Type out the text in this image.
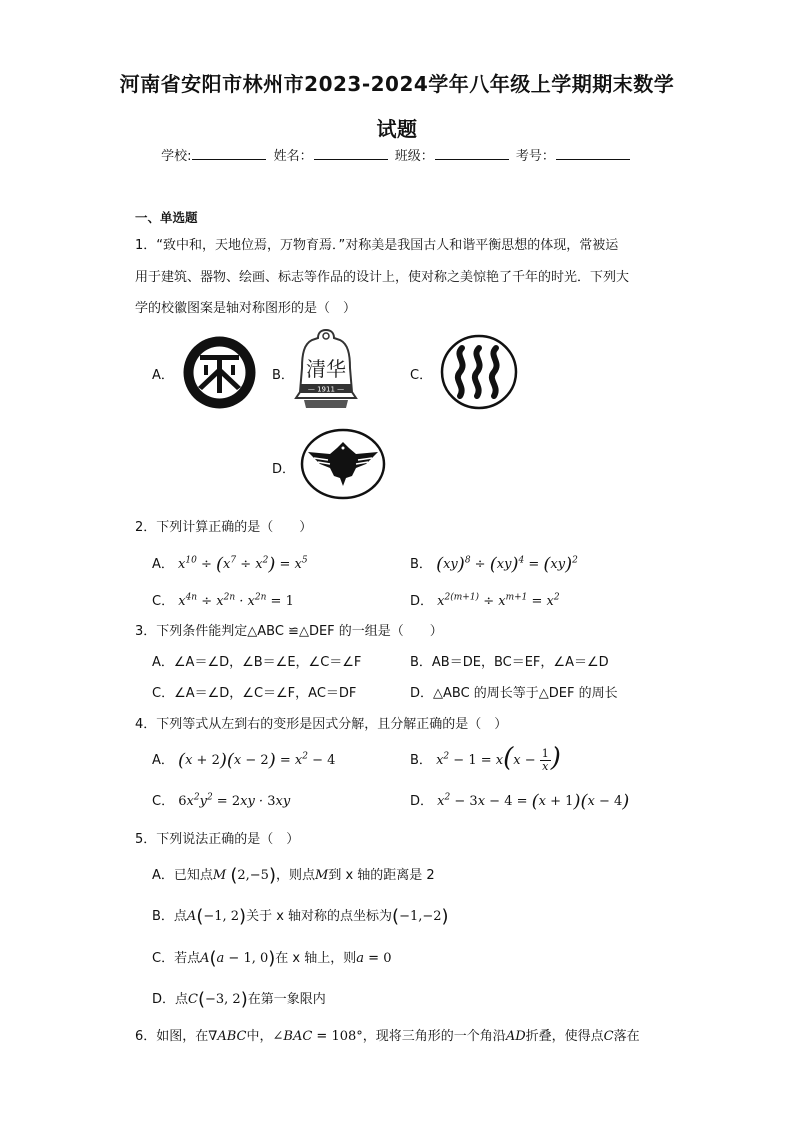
河南省安阳市林州市2023-2024学年八年级上学期期末数学
试题
学校:	姓名：	班级：	考号：
一、单选题
1．“致中和，天地位焉，万物育焉．”对称美是我国古人和谐平衡思想的体现，常被运
用于建筑、器物、绘画、标志等作品的设计上，使对称之美惊艳了千年的时光．下列大
学的校徽图案是轴对称图形的是（　）
A．	B． 清华
— 1911 —
C．
D．
2．下列计算正确的是（　　）
A． $x^{10} \div (x^7 \div x^2) = x^5$	B． (xy)$^8$ ÷ (xy)$^4$ = (xy)$^2$
C． $x^{4n} \div x^{2n} \cdot x^{2n} = 1$	D． $x^{2(m+1)} \div x^{m+1} = x^2$
3．下列条件能判定△ABC ≌△DEF 的一组是（　　）
A．∠A＝∠D，∠B＝∠E，∠C＝∠F	B．AB＝DE，BC＝EF，∠A＝∠D
C．∠A＝∠D，∠C＝∠F，AC＝DF	D．△ABC 的周长等于△DEF 的周长
4．下列等式从左到右的变形是因式分解，且分解正确的是（　）
A． $(x + 2)(x - 2) = x^2 - 4$	B． $x^2 - 1 = x(x - \frac{1}{x}$ )
C． $6x^2y^2 = 2xy \cdot 3xy$	D． $x^2 - 3x - 4 = (x + 1)(x - 4)$
5．下列说法正确的是（　）
A．已知点M (2,−5)，则点M到 x 轴的距离是 2
B．点A(−1, 2)关于 x 轴对称的点坐标为(−1,−2)
C．若点A(a − 1, 0)在 x 轴上，则a = 0
D．点C(−3, 2)在第一象限内
6．如图，在∇ABC中，∠BAC = 108°，现将三角形的一个角沿AD折叠，使得点C落在
